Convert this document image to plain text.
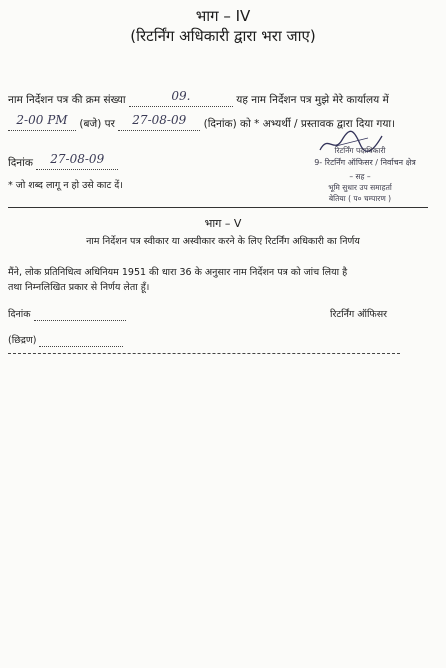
भाग – IV
(रिटर्निंग अधिकारी द्वारा भरा जाए)
नाम निर्देशन पत्र की क्रम संख्या	09.	यह नाम निर्देशन पत्र मुझे मेरे कार्यालय में
2-00 PM (बजे) पर 27-08-09 (दिनांक) को * अभ्यर्थी / प्रस्तावक द्वारा दिया गया।
दिनांक 27-08-09
* जो शब्द लागू न हो उसे काट दें।
रिटर्निंग पदाधिकारी
9- रिटर्निंग ऑफिसर / निर्वाचन क्षेत्र
– सह –
भूमि सुधार उप समाहर्ता
बेतिया ( प० चम्पारण )
भाग – V
नाम निर्देशन पत्र स्वीकार या अस्वीकार करने के लिए रिटर्निंग अधिकारी का निर्णय
मैंने, लोक प्रतिनिधित्व अधिनियम 1951 की धारा 36 के अनुसार नाम निर्देशन पत्र को जांच लिया है
तथा निम्नलिखित प्रकार से निर्णय लेता हूँ।
दिनांक	रिटर्निंग ऑफिसर
(छिद्रण)
